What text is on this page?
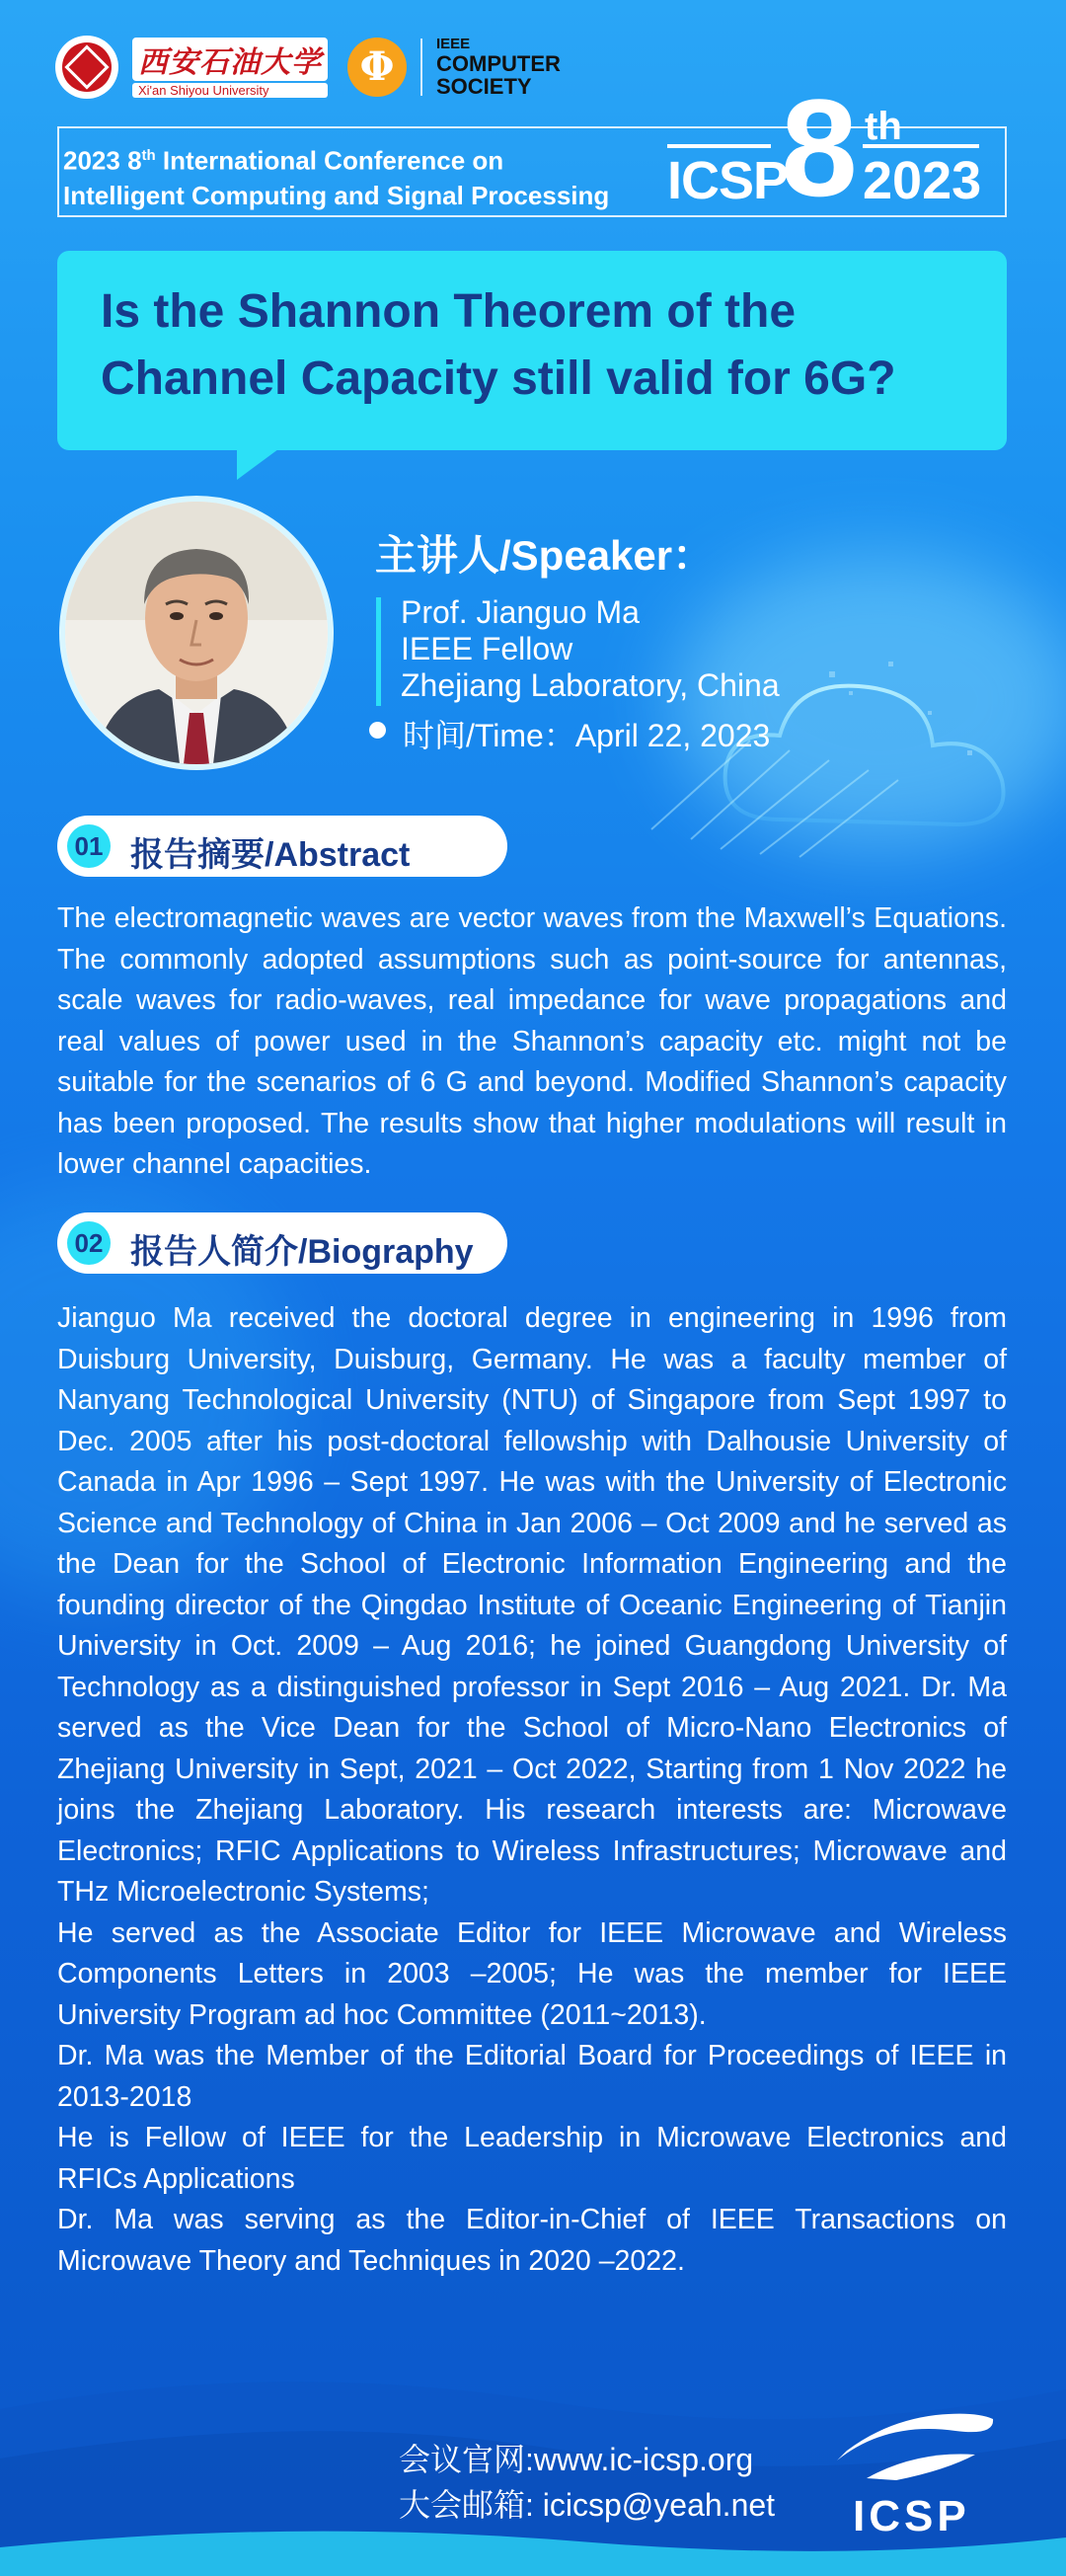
西安石油大学
Xi'an Shiyou University	Φ	IEEE
COMPUTER
SOCIETY
2023 8th International Conference on
Intelligent Computing and Signal Processing ICSP
8 th
2023
Is the Shannon Theorem of the Channel Capacity still valid for 6G?
主讲人/Speaker：
Prof. Jianguo Ma
IEEE Fellow
Zhejiang Laboratory, China
时间/Time：April 22, 2023
01 报告摘要/Abstract
The electromagnetic waves are vector waves from the Maxwell’s Equations. The commonly adopted assumptions such as point-source for antennas, scale waves for radio-waves, real impedance for wave propagations and real values of power used in the Shannon’s capacity etc. might not be suitable for the scenarios of 6 G and beyond. Modified Shannon’s capacity has been proposed. The results show that higher modulations will result in lower channel capacities.
02 报告人简介/Biography

Jianguo Ma received the doctoral degree in engineering in 1996 from Duisburg University, Duisburg, Germany. He was a faculty member of Nanyang Technological University (NTU) of Singapore from Sept 1997 to Dec. 2005 after his post-doctoral fellowship with Dalhousie University of Canada in Apr 1996 – Sept 1997. He was with the University of Electronic Science and Technology of China in Jan 2006 – Oct 2009 and he served as the Dean for the School of Electronic Information Engineering and the founding director of the Qingdao Institute of Oceanic Engineering of Tianjin University in Oct. 2009 – Aug 2016; he joined Guangdong University of Technology as a distinguished professor in Sept 2016 – Aug 2021. Dr. Ma served as the Vice Dean for the School of Micro-Nano Electronics of Zhejiang University in Sept, 2021 – Oct 2022, Starting from 1 Nov 2022 he joins the Zhejiang Laboratory. His research interests are: Microwave Electronics; RFIC Applications to Wireless Infrastructures; Microwave and THz Microelectronic Systems;

He served as the Associate Editor for IEEE Microwave and Wireless Components Letters in 2003 –2005; He was the member for IEEE University Program ad hoc Committee (2011~2013).

Dr. Ma was the Member of the Editorial Board for Proceedings of IEEE in 2013-2018

He is Fellow of IEEE for the Leadership in Microwave Electronics and RFICs Applications

Dr. Ma was serving as the Editor-in-Chief of IEEE Transactions on Microwave Theory and Techniques in 2020 –2022.

会议官网:www.ic-icsp.org
大会邮箱: icicsp@yeah.net ICSP
